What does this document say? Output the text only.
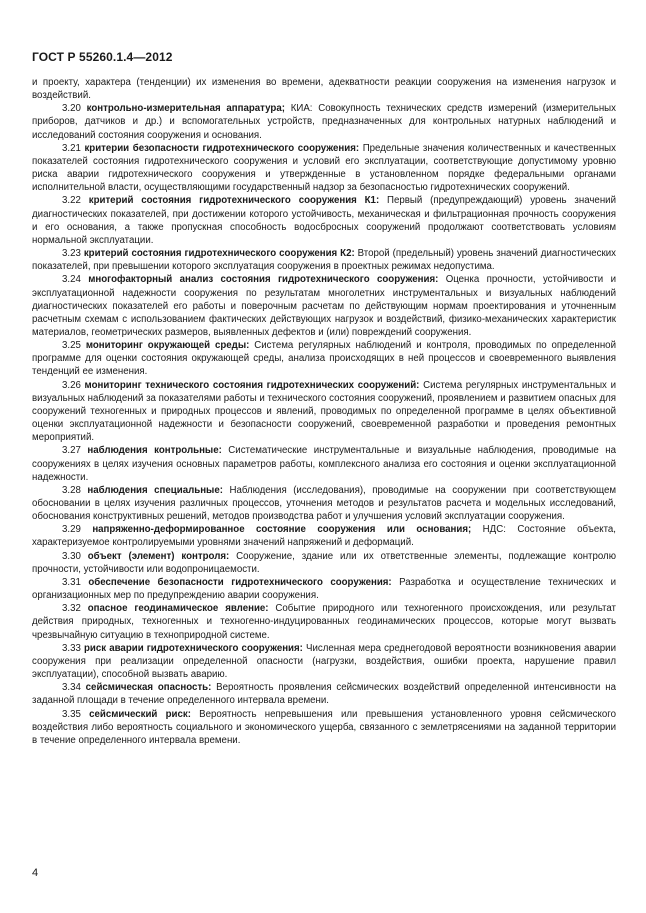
ГОСТ Р 55260.1.4—2012

и проекту, характера (тенденции) их изменения во времени, адекватности реакции сооружения на изменения нагрузок и воздействий.

3.20 контрольно-измерительная аппаратура; КИА: Совокупность технических средств измерений (измерительных приборов, датчиков и др.) и вспомогательных устройств, предназначенных для контрольных натурных наблюдений и исследований состояния сооружения и основания.

3.21 критерии безопасности гидротехнического сооружения: Предельные значения количественных и качественных показателей состояния гидротехнического сооружения и условий его эксплуатации, соответствующие допустимому уровню риска аварии гидротехнического сооружения и утвержденные в установленном порядке федеральными органами исполнительной власти, осуществляющими государственный надзор за безопасностью гидротехнических сооружений.

3.22 критерий состояния гидротехнического сооружения К1: Первый (предупреждающий) уровень значений диагностических показателей, при достижении которого устойчивость, механическая и фильтрационная прочность сооружения и его основания, а также пропускная способность водосбросных сооружений продолжают соответствовать условиям нормальной эксплуатации.

3.23 критерий состояния гидротехнического сооружения К2: Второй (предельный) уровень значений диагностических показателей, при превышении которого эксплуатация сооружения в проектных режимах недопустима.

3.24 многофакторный анализ состояния гидротехнического сооружения: Оценка прочности, устойчивости и эксплуатационной надежности сооружения по результатам многолетних инструментальных и визуальных наблюдений диагностических показателей его работы и поверочным расчетам по действующим нормам проектирования и уточненным расчетным схемам с использованием фактических действующих нагрузок и воздействий, физико-механических характеристик материалов, геометрических размеров, выявленных дефектов и (или) повреждений сооружения.

3.25 мониторинг окружающей среды: Система регулярных наблюдений и контроля, проводимых по определенной программе для оценки состояния окружающей среды, анализа происходящих в ней процессов и своевременного выявления тенденций ее изменения.

3.26 мониторинг технического состояния гидротехнических сооружений: Система регулярных инструментальных и визуальных наблюдений за показателями работы и технического состояния сооружений, проявлением и развитием опасных для сооружений техногенных и природных процессов и явлений, проводимых по определенной программе в целях объективной оценки эксплуатационной надежности и безопасности сооружений, своевременной разработки и проведения ремонтных мероприятий.

3.27 наблюдения контрольные: Систематические инструментальные и визуальные наблюдения, проводимые на сооружениях в целях изучения основных параметров работы, комплексного анализа его состояния и оценки эксплуатационной надежности.

3.28 наблюдения специальные: Наблюдения (исследования), проводимые на сооружении при соответствующем обосновании в целях изучения различных процессов, уточнения методов и результатов расчета и модельных исследований, обоснования конструктивных решений, методов производства работ и улучшения условий эксплуатации сооружения.

3.29 напряженно-деформированное состояние сооружения или основания; НДС: Состояние объекта, характеризуемое контролируемыми уровнями значений напряжений и деформаций.

3.30 объект (элемент) контроля: Сооружение, здание или их ответственные элементы, подлежащие контролю прочности, устойчивости или водопроницаемости.

3.31 обеспечение безопасности гидротехнического сооружения: Разработка и осуществление технических и организационных мер по предупреждению аварии сооружения.

3.32 опасное геодинамическое явление: Событие природного или техногенного происхождения, или результат действия природных, техногенных и техногенно-индуцированных геодинамических процессов, которые могут вызвать чрезвычайную ситуацию в техноприродной системе.

3.33 риск аварии гидротехнического сооружения: Численная мера среднегодовой вероятности возникновения аварии сооружения при реализации определенной опасности (нагрузки, воздействия, ошибки проекта, нарушение правил эксплуатации), способной вызвать аварию.

3.34 сейсмическая опасность: Вероятность проявления сейсмических воздействий определенной интенсивности на заданной площади в течение определенного интервала времени.

3.35 сейсмический риск: Вероятность непревышения или превышения установленного уровня сейсмического воздействия либо вероятность социального и экономического ущерба, связанного с землетрясениями на заданной территории в течение определенного интервала времени.

4
